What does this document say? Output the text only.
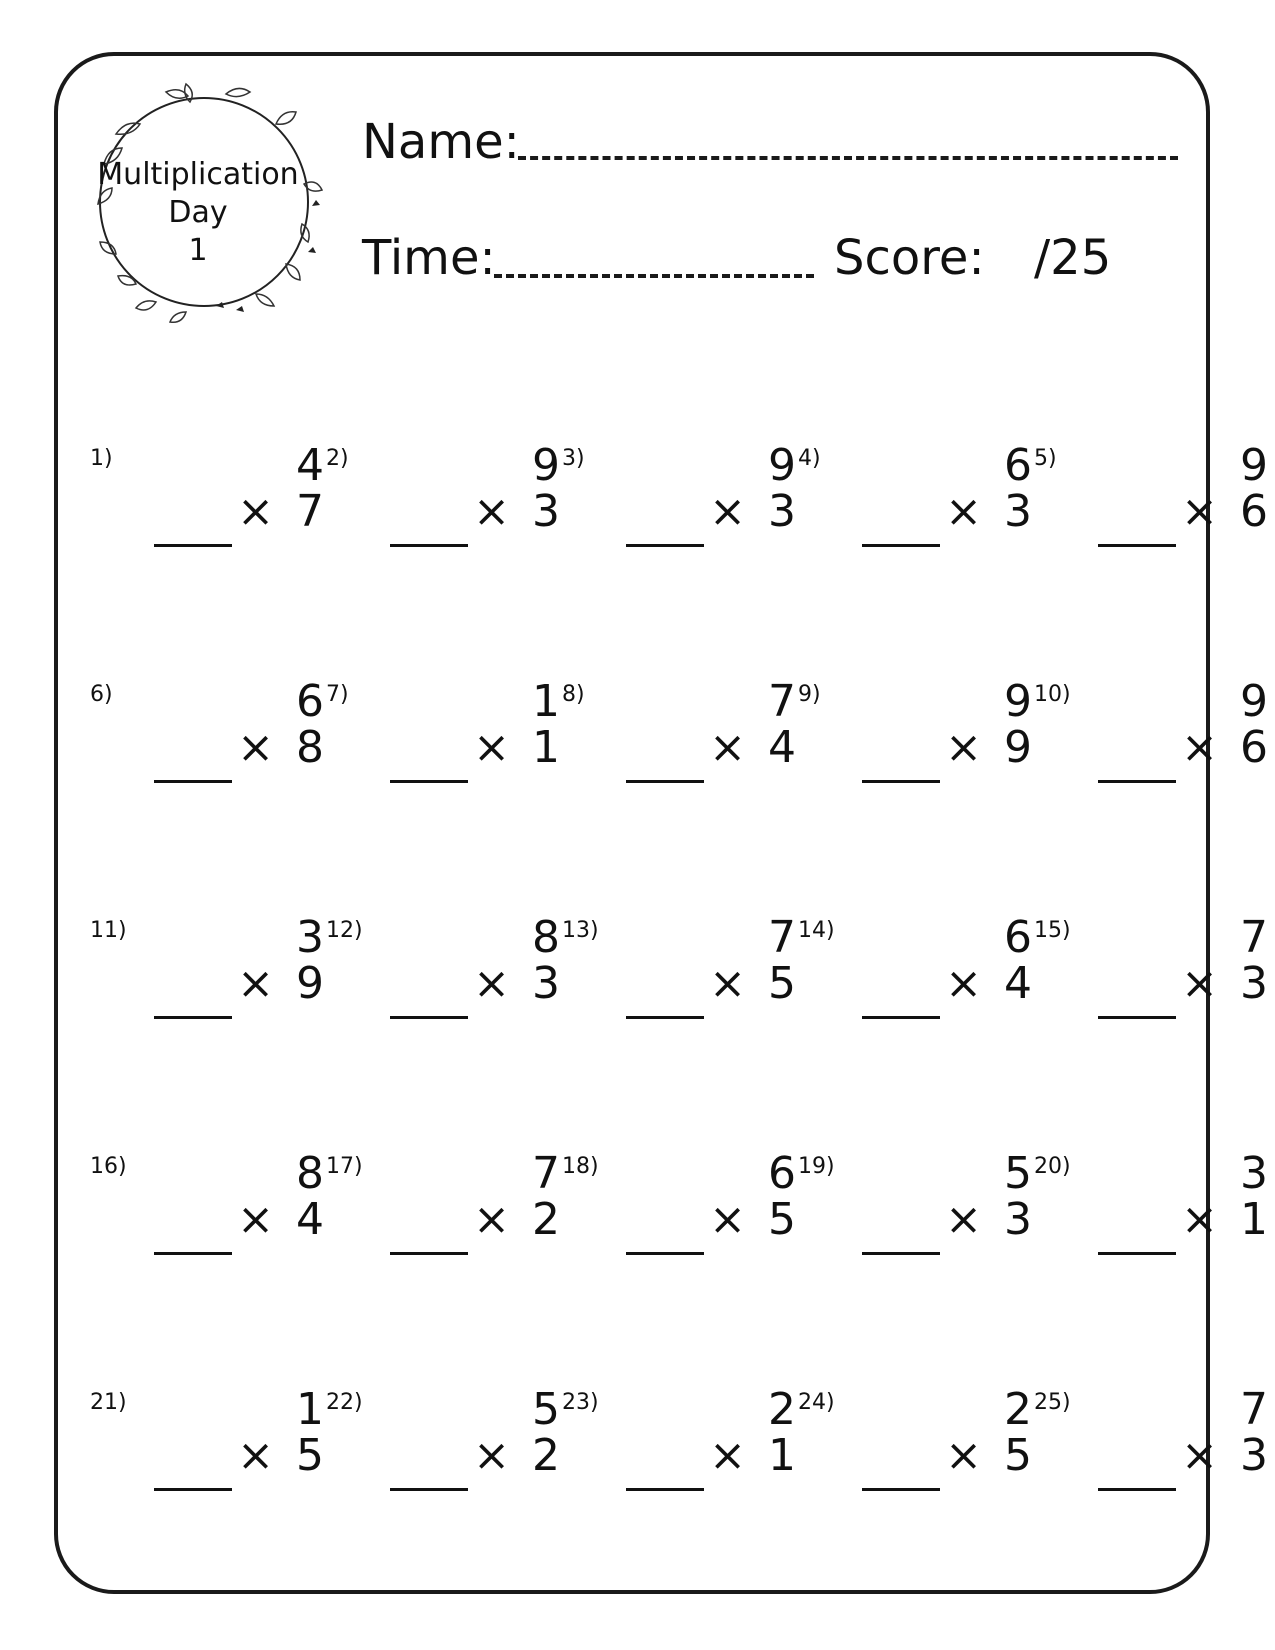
Multiplication
Day
1
Name:
Time:	Score: /25
1)	4
× 7
2)	9
× 3
3)	9
× 3
4)	6
× 3
5)	9
× 6
6)	6
× 8
7)	1
× 1
8)	7
× 4
9)	9
× 9
10)	9
× 6
11)	3
× 9
12)	8
× 3
13)	7
× 5
14)	6
× 4
15)	7
× 3
16)	8
× 4
17)	7
× 2
18)	6
× 5
19)	5
× 3
20)	3
× 1
21)	1
× 5
22)	5
× 2
23)	2
× 1
24)	2
× 5
25)	7
× 3
